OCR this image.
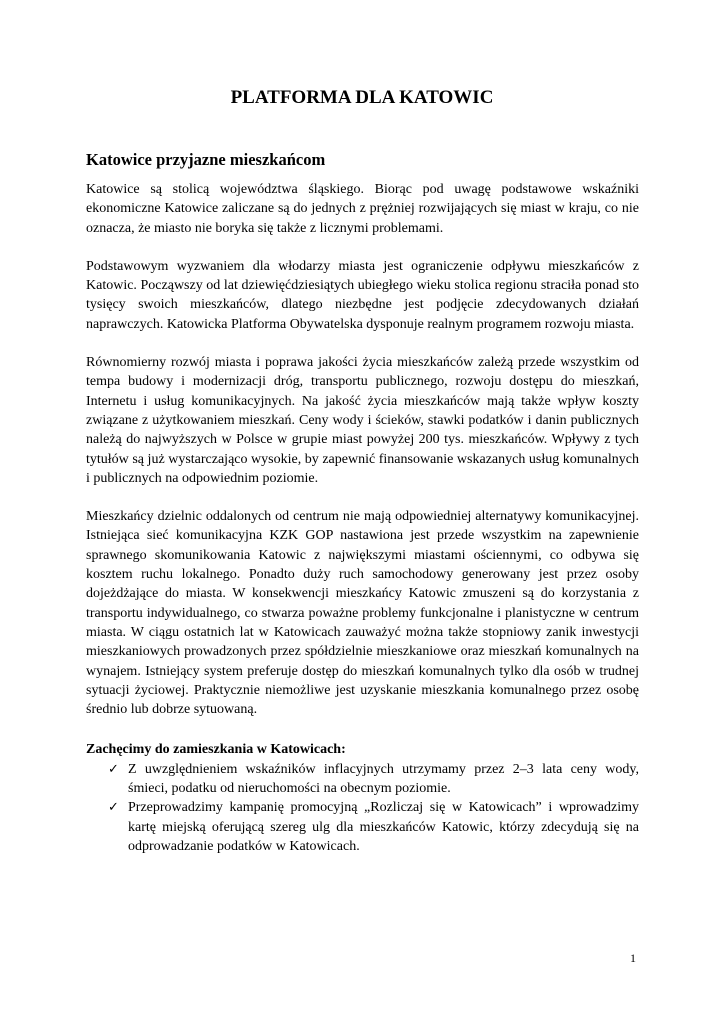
PLATFORMA DLA KATOWIC
Katowice przyjazne mieszkańcom

Katowice są stolicą województwa śląskiego. Biorąc pod uwagę podstawowe wskaźniki ekonomiczne Katowice zaliczane są do jednych z prężniej rozwijających się miast w kraju, co nie oznacza, że miasto nie boryka się także z licznymi problemami.

Podstawowym wyzwaniem dla włodarzy miasta jest ograniczenie odpływu mieszkańców z Katowic. Począwszy od lat dziewięćdziesiątych ubiegłego wieku stolica regionu straciła ponad sto tysięcy swoich mieszkańców, dlatego niezbędne jest podjęcie zdecydowanych działań naprawczych. Katowicka Platforma Obywatelska dysponuje realnym programem rozwoju miasta.

Równomierny rozwój miasta i poprawa jakości życia mieszkańców zależą przede wszystkim od tempa budowy i modernizacji dróg, transportu publicznego, rozwoju dostępu do mieszkań, Internetu i usług komunikacyjnych. Na jakość życia mieszkańców mają także wpływ koszty związane z użytkowaniem mieszkań. Ceny wody i ścieków, stawki podatków i danin publicznych należą do najwyższych w Polsce w grupie miast powyżej 200 tys. mieszkańców. Wpływy z tych tytułów są już wystarczająco wysokie, by zapewnić finansowanie wskazanych usług komunalnych i publicznych na odpowiednim poziomie.

Mieszkańcy dzielnic oddalonych od centrum nie mają odpowiedniej alternatywy komunikacyjnej. Istniejąca sieć komunikacyjna KZK GOP nastawiona jest przede wszystkim na zapewnienie sprawnego skomunikowania Katowic z największymi miastami ościennymi, co odbywa się kosztem ruchu lokalnego. Ponadto duży ruch samochodowy generowany jest przez osoby dojeżdżające do miasta. W konsekwencji mieszkańcy Katowic zmuszeni są do korzystania z transportu indywidualnego, co stwarza poważne problemy funkcjonalne i planistyczne w centrum miasta. W ciągu ostatnich lat w Katowicach zauważyć można także stopniowy zanik inwestycji mieszkaniowych prowadzonych przez spółdzielnie mieszkaniowe oraz mieszkań komunalnych na wynajem. Istniejący system preferuje dostęp do mieszkań komunalnych tylko dla osób w trudnej sytuacji życiowej. Praktycznie niemożliwe jest uzyskanie mieszkania komunalnego przez osobę średnio lub dobrze sytuowaną.

Zachęcimy do zamieszkania w Katowicach:

✓ Z uwzględnieniem wskaźników inflacyjnych utrzymamy przez 2–3 lata ceny wody, śmieci, podatku od nieruchomości na obecnym poziomie.
✓ Przeprowadzimy kampanię promocyjną „Rozliczaj się w Katowicach” i wprowadzimy kartę miejską oferującą szereg ulg dla mieszkańców Katowic, którzy zdecydują się na odprowadzanie podatków w Katowicach.
1
